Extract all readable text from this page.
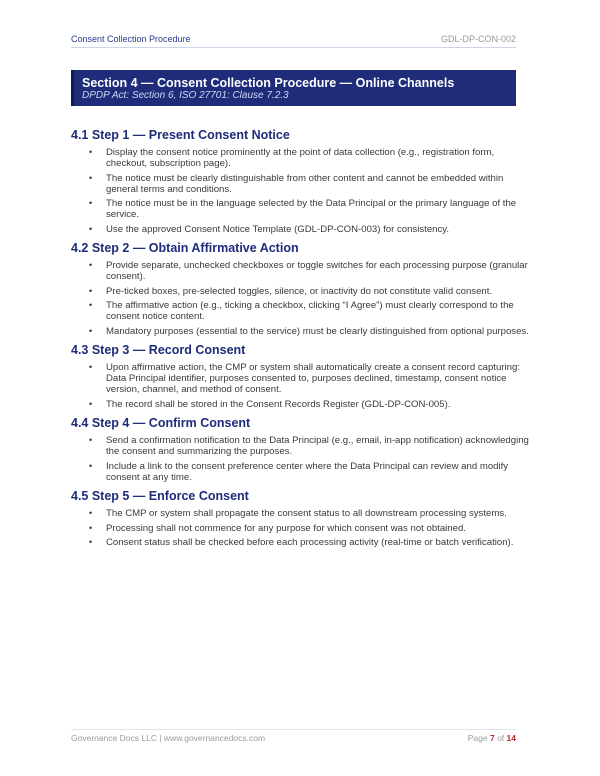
Consent Collection Procedure	GDL-DP-CON-002
Section 4 — Consent Collection Procedure — Online Channels
DPDP Act: Section 6, ISO 27701: Clause 7.2.3
4.1 Step 1 — Present Consent Notice
• Display the consent notice prominently at the point of data collection (e.g., registration form, checkout, subscription page).
• The notice must be clearly distinguishable from other content and cannot be embedded within general terms and conditions.
• The notice must be in the language selected by the Data Principal or the primary language of the service.
• Use the approved Consent Notice Template (GDL-DP-CON-003) for consistency.
4.2 Step 2 — Obtain Affirmative Action
• Provide separate, unchecked checkboxes or toggle switches for each processing purpose (granular consent).
• Pre-ticked boxes, pre-selected toggles, silence, or inactivity do not constitute valid consent.
• The affirmative action (e.g., ticking a checkbox, clicking “I Agree”) must clearly correspond to the consent notice content.
• Mandatory purposes (essential to the service) must be clearly distinguished from optional purposes.
4.3 Step 3 — Record Consent
• Upon affirmative action, the CMP or system shall automatically create a consent record capturing: Data Principal identifier, purposes consented to, purposes declined, timestamp, consent notice version, channel, and method of consent.
• The record shall be stored in the Consent Records Register (GDL-DP-CON-005).
4.4 Step 4 — Confirm Consent
• Send a confirmation notification to the Data Principal (e.g., email, in-app notification) acknowledging the consent and summarizing the purposes.
• Include a link to the consent preference center where the Data Principal can review and modify consent at any time.
4.5 Step 5 — Enforce Consent
• The CMP or system shall propagate the consent status to all downstream processing systems.
• Processing shall not commence for any purpose for which consent was not obtained.
• Consent status shall be checked before each processing activity (real-time or batch verification).
Governance Docs LLC | www.governancedocs.com	Page 7 of 14
